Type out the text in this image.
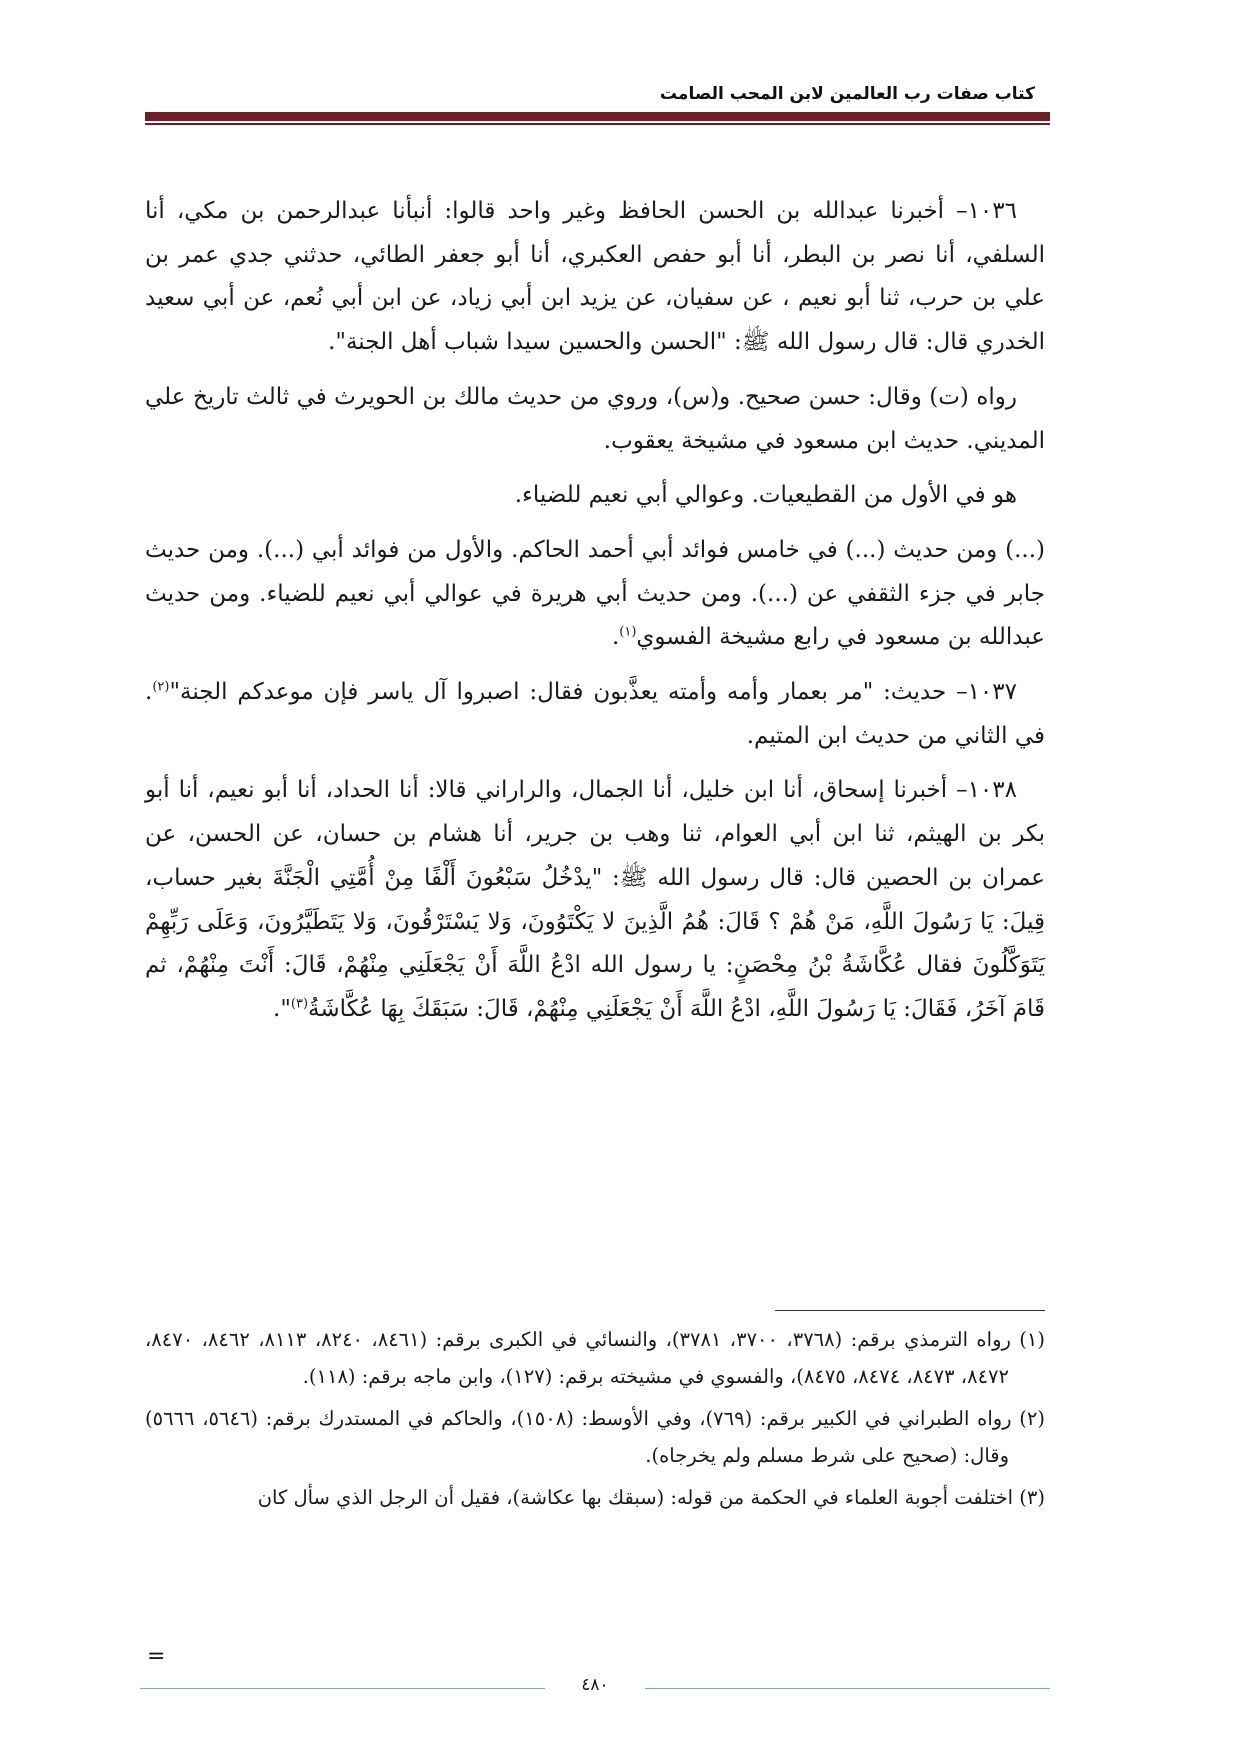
كتاب صفات رب العالمين لابن المحب الصامت

١٠٣٦– أخبرنا عبدالله بن الحسن الحافظ وغير واحد قالوا: أنبأنا عبدالرحمن بن مكي، أنا السلفي، أنا نصر بن البطر، أنا أبو حفص العكبري، أنا أبو جعفر الطائي، حدثني جدي عمر بن علي بن حرب، ثنا أبو نعيم ، عن سفيان، عن يزيد ابن أبي زياد، عن ابن أبي نُعم، عن أبي سعيد الخدري قال: قال رسول الله ﷺ: "الحسن والحسين سيدا شباب أهل الجنة".

رواه (ت) وقال: حسن صحيح. و(س)، وروي من حديث مالك بن الحويرث في ثالث تاريخ علي المديني. حديث ابن مسعود في مشيخة يعقوب.

هو في الأول من القطيعيات. وعوالي أبي نعيم للضياء.

(...) ومن حديث (...) في خامس فوائد أبي أحمد الحاكم. والأول من فوائد أبي (...). ومن حديث جابر في جزء الثقفي عن (...). ومن حديث أبي هريرة في عوالي أبي نعيم للضياء. ومن حديث عبدالله بن مسعود في رابع مشيخة الفسوي$^{(١)}$.

١٠٣٧– حديث: "مر بعمار وأمه وأمته يعذَّبون فقال: اصبروا آل ياسر فإن موعدكم الجنة"$^{(٢)}$. في الثاني من حديث ابن المتيم.

١٠٣٨– أخبرنا إسحاق، أنا ابن خليل، أنا الجمال، والراراني قالا: أنا الحداد، أنا أبو نعيم، أنا أبو بكر بن الهيثم، ثنا ابن أبي العوام، ثنا وهب بن جرير، أنا هشام بن حسان، عن الحسن، عن عمران بن الحصين قال: قال رسول الله ﷺ: "يدْخُلُ سَبْعُونَ أَلْفًا مِنْ أُمَّتِي الْجَنَّةَ بغير حساب، قِيلَ: يَا رَسُولَ اللَّهِ، مَنْ هُمْ ؟ قَالَ: هُمُ الَّذِينَ لا يَكْتَوُونَ، وَلا يَسْتَرْقُونَ، وَلا يَتَطَيَّرُونَ، وَعَلَى رَبِّهِمْ يَتَوَكَّلُونَ فقال عُكَّاشَةُ بْنُ مِحْصَنٍ: يا رسول الله ادْعُ اللَّهَ أَنْ يَجْعَلَنِي مِنْهُمْ، قَالَ: أَنْتَ مِنْهُمْ، ثم قَامَ آخَرُ، فَقَالَ: يَا رَسُولَ اللَّهِ، ادْعُ اللَّهَ أَنْ يَجْعَلَنِي مِنْهُمْ، قَالَ: سَبَقَكَ بِهَا عُكَّاشَةُ$^{(٣)}$".

(١) رواه الترمذي برقم: (٣٧٦٨، ٣٧٠٠، ٣٧٨١)، والنسائي في الكبرى برقم: (٨٤٦١، ٨٢٤٠، ٨١١٣، ٨٤٦٢، ٨٤٧٠، ٨٤٧٢، ٨٤٧٣، ٨٤٧٤، ٨٤٧٥)، والفسوي في مشيخته برقم: (١٢٧)، وابن ماجه برقم: (١١٨).

(٢) رواه الطبراني في الكبير برقم: (٧٦٩)، وفي الأوسط: (١٥٠٨)، والحاكم في المستدرك برقم: (٥٦٤٦، ٥٦٦٦) وقال: (صحيح على شرط مسلم ولم يخرجاه).

(٣) اختلفت أجوبة العلماء في الحكمة من قوله: (سبقك بها عكاشة)، فقيل أن الرجل الذي سأل كان

=
٤٨٠
